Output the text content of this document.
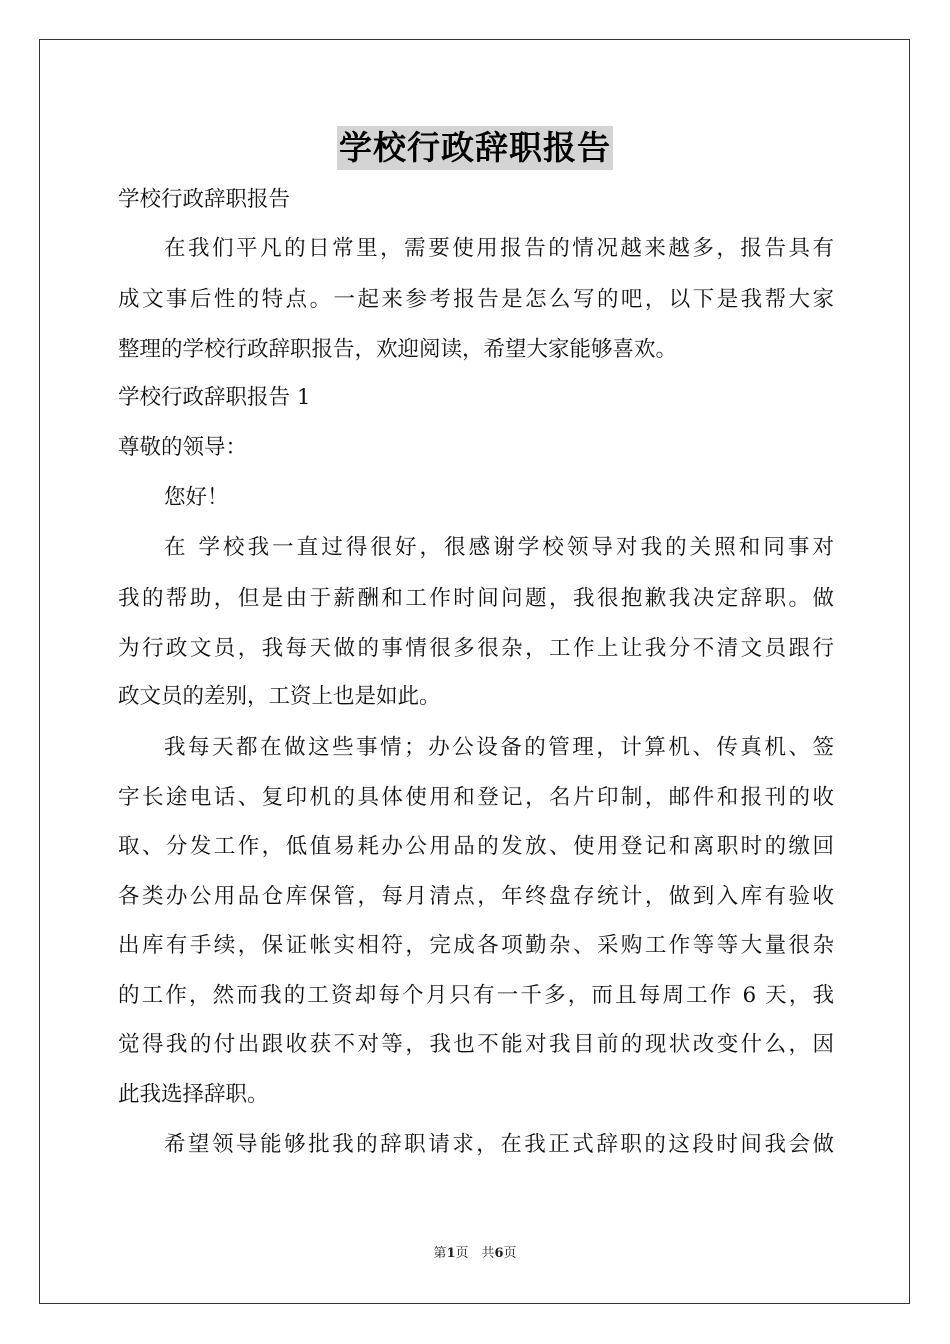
学校行政辞职报告
学校行政辞职报告
在我们平凡的日常里，需要使用报告的情况越来越多，报告具有
成文事后性的特点。一起来参考报告是怎么写的吧，以下是我帮大家
整理的学校行政辞职报告，欢迎阅读，希望大家能够喜欢。
学校行政辞职报告 1
尊敬的领导：
您好！
在 学校我一直过得很好，很感谢学校领导对我的关照和同事对
我的帮助，但是由于薪酬和工作时间问题，我很抱歉我决定辞职。做
为行政文员，我每天做的事情很多很杂，工作上让我分不清文员跟行
政文员的差别，工资上也是如此。
我每天都在做这些事情；办公设备的管理，计算机、传真机、签
字长途电话、复印机的具体使用和登记，名片印制，邮件和报刊的收
取、分发工作，低值易耗办公用品的发放、使用登记和离职时的缴回
各类办公用品仓库保管，每月清点，年终盘存统计，做到入库有验收
出库有手续，保证帐实相符，完成各项勤杂、采购工作等等大量很杂
的工作，然而我的工资却每个月只有一千多，而且每周工作 6 天，我
觉得我的付出跟收获不对等，我也不能对我目前的现状改变什么，因
此我选择辞职。
希望领导能够批我的辞职请求，在我正式辞职的这段时间我会做
第1页　共6页
